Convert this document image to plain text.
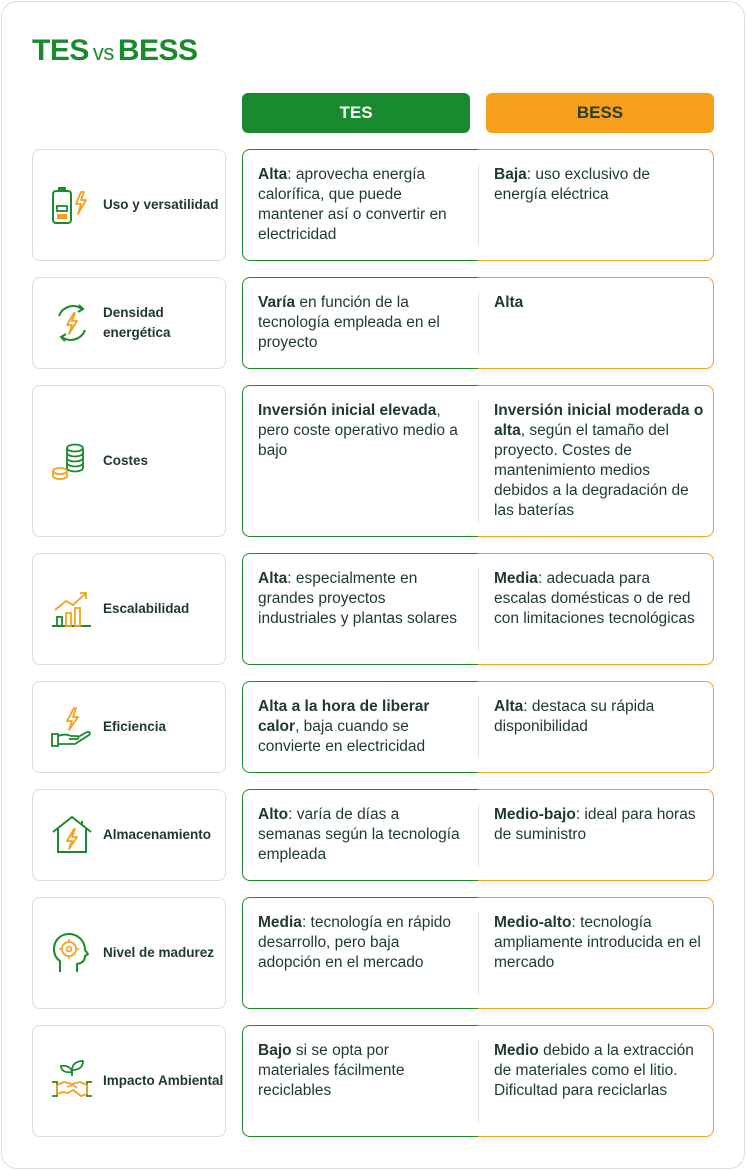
TES vs BESS
TES	BESS
Uso y versatilidad
Alta: aprovecha energía calorífica, que puede mantener así o convertir en electricidad
Baja: uso exclusivo de energía eléctrica
Densidad energética
Varía en función de la tecnología empleada en el proyecto
Alta
Costes
Inversión inicial elevada, pero coste operativo medio a bajo
Inversión inicial moderada o alta, según el tamaño del proyecto. Costes de mantenimiento medios debidos a la degradación de las baterías
Escalabilidad
Alta: especialmente en grandes proyectos industriales y plantas solares
Media: adecuada para escalas domésticas o de red con limitaciones tecnológicas
Eficiencia
Alta a la hora de liberar calor, baja cuando se convierte en electricidad
Alta: destaca su rápida disponibilidad
Almacenamiento
Alto: varía de días a semanas según la tecnología empleada
Medio-bajo: ideal para horas de suministro
Nivel de madurez
Media: tecnología en rápido desarrollo, pero baja adopción en el mercado
Medio-alto: tecnología ampliamente introducida en el mercado
Impacto Ambiental
Bajo si se opta por materiales fácilmente reciclables
Medio debido a la extracción de materiales como el litio. Dificultad para reciclarlas
